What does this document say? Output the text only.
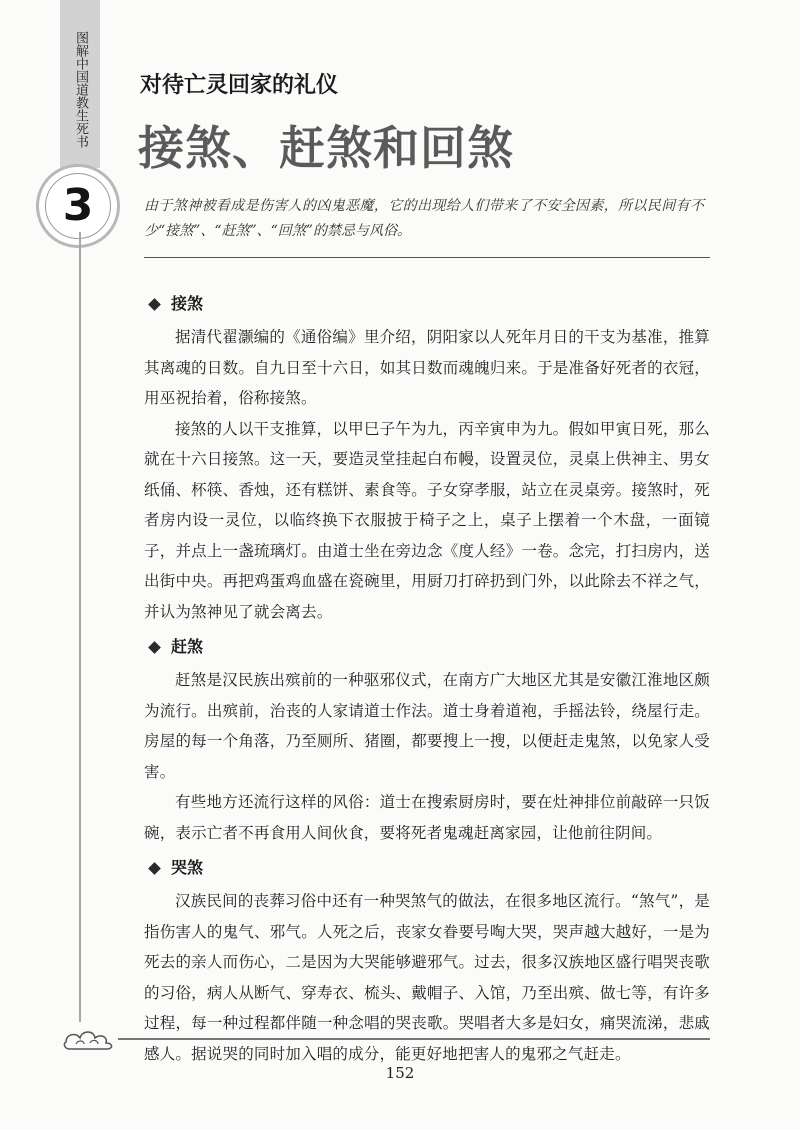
图解中国道教生死书
3
对待亡灵回家的礼仪
接煞、赶煞和回煞
由于煞神被看成是伤害人的凶鬼恶魔，它的出现给人们带来了不安全因素，所以民间有不少“接煞”、“赶煞”、“回煞”的禁忌与风俗。
接煞

据清代翟灏编的《通俗编》里介绍，阴阳家以人死年月日的干支为基准，推算其离魂的日数。自九日至十六日，如其日数而魂魄归来。于是准备好死者的衣冠，用巫祝抬着，俗称接煞。

接煞的人以干支推算，以甲巳子午为九，丙辛寅申为九。假如甲寅日死，那么就在十六日接煞。这一天，要造灵堂挂起白布幔，设置灵位，灵桌上供神主、男女纸俑、杯筷、香烛，还有糕饼、素食等。子女穿孝服，站立在灵桌旁。接煞时，死者房内设一灵位，以临终换下衣服披于椅子之上，桌子上摆着一个木盘，一面镜子，并点上一盏琉璃灯。由道士坐在旁边念《度人经》一卷。念完，打扫房内，送出街中央。再把鸡蛋鸡血盛在瓷碗里，用厨刀打碎扔到门外，以此除去不祥之气，并认为煞神见了就会离去。

赶煞

赶煞是汉民族出殡前的一种驱邪仪式，在南方广大地区尤其是安徽江淮地区颇为流行。出殡前，治丧的人家请道士作法。道士身着道袍，手摇法铃，绕屋行走。房屋的每一个角落，乃至厕所、猪圈，都要搜上一搜，以便赶走鬼煞，以免家人受害。

有些地方还流行这样的风俗：道士在搜索厨房时，要在灶神排位前敲碎一只饭碗，表示亡者不再食用人间伙食，要将死者鬼魂赶离家园，让他前往阴间。

哭煞

汉族民间的丧葬习俗中还有一种哭煞气的做法，在很多地区流行。“煞气”，是指伤害人的鬼气、邪气。人死之后，丧家女眷要号啕大哭，哭声越大越好，一是为死去的亲人而伤心，二是因为大哭能够避邪气。过去，很多汉族地区盛行唱哭丧歌的习俗，病人从断气、穿寿衣、梳头、戴帽子、入馆，乃至出殡、做七等，有许多过程，每一种过程都伴随一种念唱的哭丧歌。哭唱者大多是妇女，痛哭流涕，悲戚感人。据说哭的同时加入唱的成分，能更好地把害人的鬼邪之气赶走。

152
